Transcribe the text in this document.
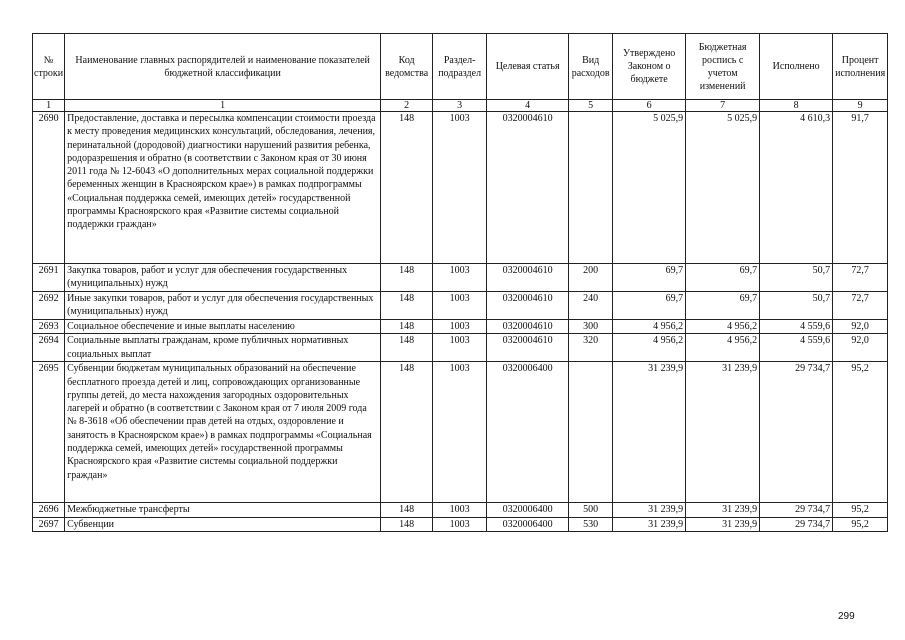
№ строки	Наименование главных распорядителей и наименование показателей бюджетной классификации	Код ведомства	Раздел-подраздел	Целевая статья	Вид расходов	Утверждено Законом о бюджете	Бюджетная роспись с учетом изменений	Исполнено	Процент исполнения
1	1	2	3	4	5	6	7	8	9
2690	Предоставление, доставка и пересылка компенсации стоимости проезда к месту проведения медицинских консультаций, обследования, лечения, перинатальной (дородовой) диагностики нарушений развития ребенка, родоразрешения и обратно (в соответствии с Законом края от 30 июня 2011 года № 12-6043 «О дополнительных мерах социальной поддержки беременных женщин в Красноярском крае») в рамках подпрограммы «Социальная поддержка семей, имеющих детей» государственной программы Красноярского края «Развитие системы социальной поддержки граждан»	148	1003	0320004610		5 025,9	5 025,9	4 610,3	91,7
2691	Закупка товаров, работ и услуг для обеспечения государственных (муниципальных) нужд	148	1003	0320004610	200	69,7	69,7	50,7	72,7
2692	Иные закупки товаров, работ и услуг для обеспечения государственных (муниципальных) нужд	148	1003	0320004610	240	69,7	69,7	50,7	72,7
2693	Социальное обеспечение и иные выплаты населению	148	1003	0320004610	300	4 956,2	4 956,2	4 559,6	92,0
2694	Социальные выплаты гражданам, кроме публичных нормативных социальных выплат	148	1003	0320004610	320	4 956,2	4 956,2	4 559,6	92,0
2695	Субвенции бюджетам муниципальных образований на обеспечение бесплатного проезда детей и лиц, сопровождающих организованные группы детей, до места нахождения загородных оздоровительных лагерей и обратно (в соответствии с Законом края от 7 июля 2009 года № 8-3618 «Об обеспечении прав детей на отдых, оздоровление и занятость в Красноярском крае») в рамках подпрограммы «Социальная поддержка семей, имеющих детей» государственной программы Красноярского края «Развитие системы социальной поддержки граждан»	148	1003	0320006400		31 239,9	31 239,9	29 734,7	95,2
2696	Межбюджетные трансферты	148	1003	0320006400	500	31 239,9	31 239,9	29 734,7	95,2
2697	Субвенции	148	1003	0320006400	530	31 239,9	31 239,9	29 734,7	95,2
299
